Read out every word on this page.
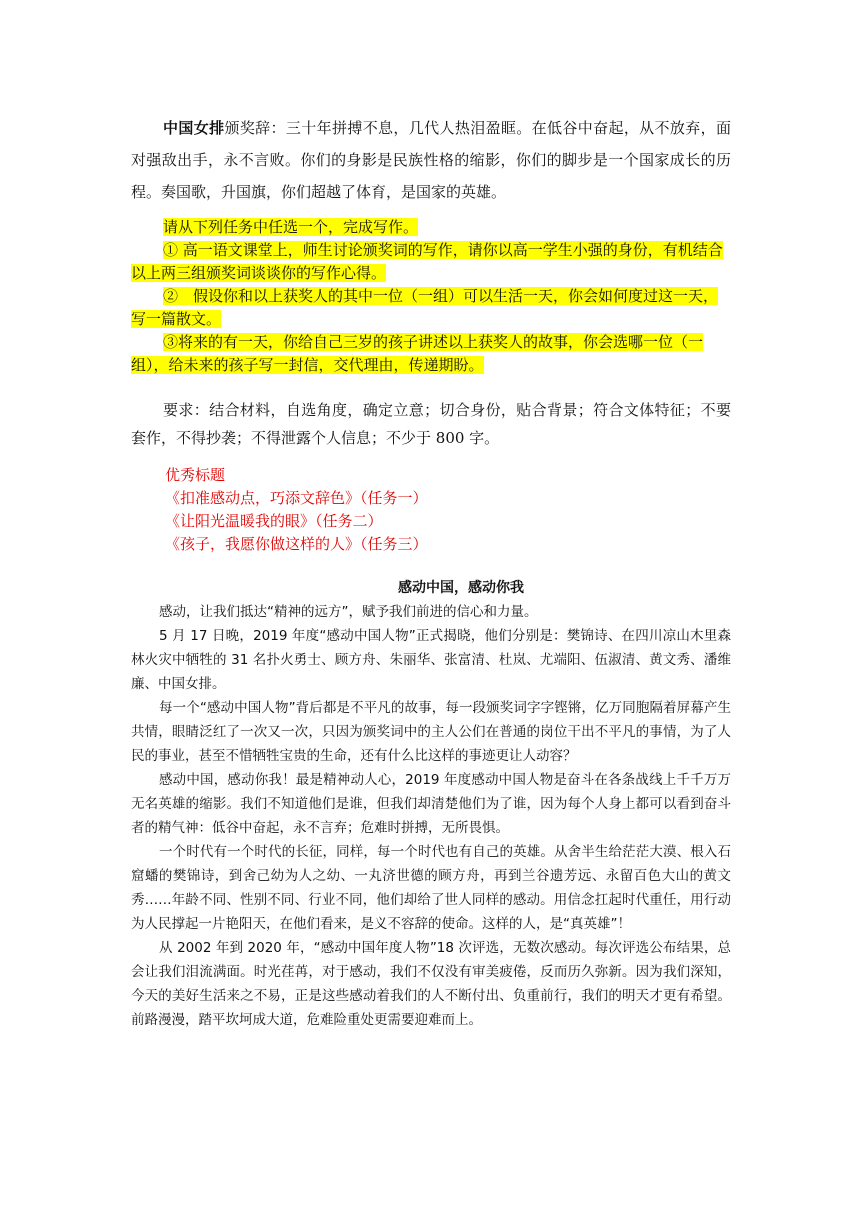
中国女排颁奖辞：三十年拼搏不息，几代人热泪盈眶。在低谷中奋起，从不放弃，面对强敌出手，永不言败。你们的身影是民族性格的缩影，你们的脚步是一个国家成长的历程。奏国歌，升国旗，你们超越了体育，是国家的英雄。

请从下列任务中任选一个，完成写作。

① 高一语文课堂上，师生讨论颁奖词的写作，请你以高一学生小强的身份，有机结合以上两三组颁奖词谈谈你的写作心得。

②　假设你和以上获奖人的其中一位（一组）可以生活一天，你会如何度过这一天，写一篇散文。

③将来的有一天，你给自己三岁的孩子讲述以上获奖人的故事，你会选哪一位（一组），给未来的孩子写一封信，交代理由，传递期盼。

要求：结合材料，自选角度，确定立意；切合身份，贴合背景；符合文体特征；不要套作，不得抄袭；不得泄露个人信息；不少于 800 字。

优秀标题

《扣准感动点，巧添文辞色》（任务一）

《让阳光温暖我的眼》（任务二）

《孩子，我愿你做这样的人》（任务三）

感动中国，感动你我

感动，让我们抵达“精神的远方”，赋予我们前进的信心和力量。

5 月 17 日晚，2019 年度“感动中国人物”正式揭晓，他们分别是：樊锦诗、在四川凉山木里森林火灾中牺牲的 31 名扑火勇士、顾方舟、朱丽华、张富清、杜岚、尤端阳、伍淑清、黄文秀、潘维廉、中国女排。

每一个“感动中国人物”背后都是不平凡的故事，每一段颁奖词字字铿锵，亿万同胞隔着屏幕产生共情，眼睛泛红了一次又一次，只因为颁奖词中的主人公们在普通的岗位干出不平凡的事情，为了人民的事业，甚至不惜牺牲宝贵的生命，还有什么比这样的事迹更让人动容？

感动中国，感动你我！最是精神动人心，2019 年度感动中国人物是奋斗在各条战线上千千万万无名英雄的缩影。我们不知道他们是谁，但我们却清楚他们为了谁，因为每个人身上都可以看到奋斗者的精气神：低谷中奋起，永不言弃；危难时拼搏，无所畏惧。

一个时代有一个时代的长征，同样，每一个时代也有自己的英雄。从舍半生给茫茫大漠、根入石窟蟠的樊锦诗，到舍己幼为人之幼、一丸济世德的顾方舟，再到兰谷遗芳远、永留百色大山的黄文秀……年龄不同、性别不同、行业不同，他们却给了世人同样的感动。用信念扛起时代重任，用行动为人民撑起一片艳阳天，在他们看来，是义不容辞的使命。这样的人，是“真英雄”！

从 2002 年到 2020 年，“感动中国年度人物”18 次评选，无数次感动。每次评选公布结果，总会让我们泪流满面。时光荏苒，对于感动，我们不仅没有审美疲倦，反而历久弥新。因为我们深知，今天的美好生活来之不易，正是这些感动着我们的人不断付出、负重前行，我们的明天才更有希望。前路漫漫，踏平坎坷成大道，危难险重处更需要迎难而上。
